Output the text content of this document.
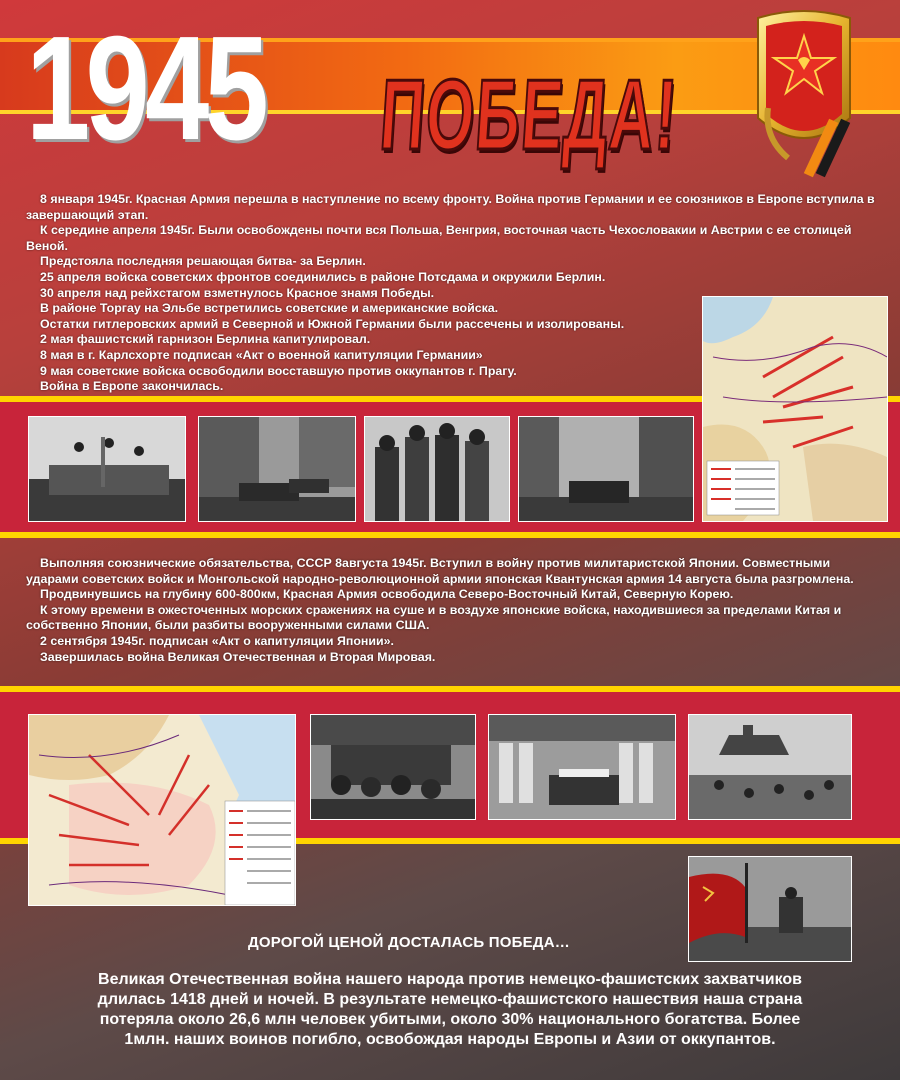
1945 ПОБЕДА!

8 января 1945г. Красная Армия перешла в наступление по всему фронту. Война против Германии и ее союзников в Европе вступила в завершающий этап.

К середине апреля 1945г. Были освобождены почти вся Польша, Венгрия, восточная часть Чехословакии и Австрии с ее столицей Веной.

Предстояла последняя решающая битва- за Берлин.

25 апреля войска советских фронтов соединились в районе Потсдама и окружили Берлин.

30 апреля над рейхстагом взметнулось Красное знамя Победы.

В районе Торгау на Эльбе встретились советские и американские войска.

Остатки гитлеровских армий в Северной и Южной Германии были рассечены и изолированы.

2 мая фашистский гарнизон Берлина капитулировал.

8 мая в г. Карлсхорте подписан «Акт о военной капитуляции Германии»

9 мая советские войска освободили восставшую против оккупантов г. Прагу.

Война в Европе закончилась.

Выполняя союзнические обязательства, СССР 8августа 1945г. Вступил в войну против милитаристской Японии. Совместными ударами советских войск и Монгольской народно-революционной армии японская Квантунская армия 14 августа была разгромлена.

Продвинувшись на глубину 600-800км, Красная Армия освободила Северо-Восточный Китай, Северную Корею.

К этому времени в ожесточенных морских сражениях на суше и в воздухе японские войска, находившиеся за пределами Китая и собственно Японии, были разбиты вооруженными силами США.

2 сентября 1945г. подписан «Акт о капитуляции Японии».

Завершилась война Великая Отечественная и Вторая Мировая.

ДОРОГОЙ ЦЕНОЙ ДОСТАЛАСЬ ПОБЕДА…
Великая Отечественная война нашего народа против немецко-фашистских захватчиков
длилась 1418 дней и ночей. В результате немецко-фашистского нашествия наша страна
потеряла около 26,6 млн человек убитыми, около 30% национального богатства. Более
1млн. наших воинов погибло, освобождая народы Европы и Азии от оккупантов.
